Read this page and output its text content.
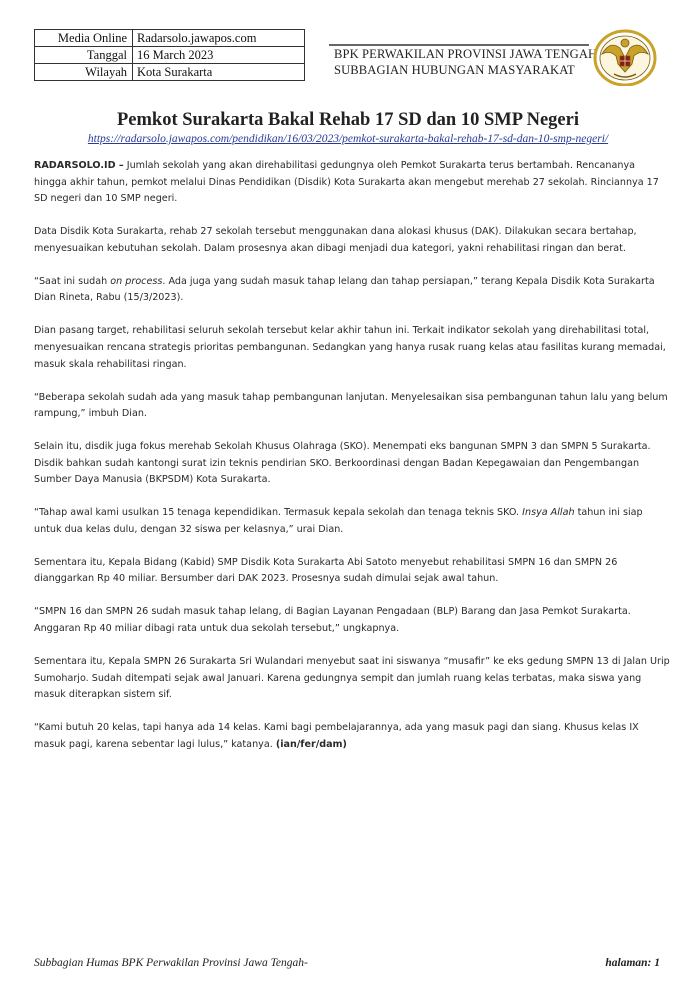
Media Online	Radarsolo.jawapos.com
Tanggal	16 March 2023
Wilayah	Kota Surakarta
BPK PERWAKILAN PROVINSI JAWA TENGAH
SUBBAGIAN HUBUNGAN MASYARAKAT
Pemkot Surakarta Bakal Rehab 17 SD dan 10 SMP Negeri
https://radarsolo.jawapos.com/pendidikan/16/03/2023/pemkot-surakarta-bakal-rehab-17-sd-dan-10-smp-negeri/

RADARSOLO.ID – Jumlah sekolah yang akan direhabilitasi gedungnya oleh Pemkot Surakarta terus bertambah. Rencananya hingga akhir tahun, pemkot melalui Dinas Pendidikan (Disdik) Kota Surakarta akan mengebut merehab 27 sekolah. Rinciannya 17 SD negeri dan 10 SMP negeri.

Data Disdik Kota Surakarta, rehab 27 sekolah tersebut menggunakan dana alokasi khusus (DAK). Dilakukan secara bertahap, menyesuaikan kebutuhan sekolah. Dalam prosesnya akan dibagi menjadi dua kategori, yakni rehabilitasi ringan dan berat.

“Saat ini sudah on process. Ada juga yang sudah masuk tahap lelang dan tahap persiapan,” terang Kepala Disdik Kota Surakarta Dian Rineta, Rabu (15/3/2023).

Dian pasang target, rehabilitasi seluruh sekolah tersebut kelar akhir tahun ini. Terkait indikator sekolah yang direhabilitasi total, menyesuaikan rencana strategis prioritas pembangunan. Sedangkan yang hanya rusak ruang kelas atau fasilitas kurang memadai, masuk skala rehabilitasi ringan.

“Beberapa sekolah sudah ada yang masuk tahap pembangunan lanjutan. Menyelesaikan sisa pembangunan tahun lalu yang belum rampung,” imbuh Dian.

Selain itu, disdik juga fokus merehab Sekolah Khusus Olahraga (SKO). Menempati eks bangunan SMPN 3 dan SMPN 5 Surakarta. Disdik bahkan sudah kantongi surat izin teknis pendirian SKO. Berkoordinasi dengan Badan Kepegawaian dan Pengembangan Sumber Daya Manusia (BKPSDM) Kota Surakarta.

“Tahap awal kami usulkan 15 tenaga kependidikan. Termasuk kepala sekolah dan tenaga teknis SKO. Insya Allah tahun ini siap untuk dua kelas dulu, dengan 32 siswa per kelasnya,” urai Dian.

Sementara itu, Kepala Bidang (Kabid) SMP Disdik Kota Surakarta Abi Satoto menyebut rehabilitasi SMPN 16 dan SMPN 26 dianggarkan Rp 40 miliar. Bersumber dari DAK 2023. Prosesnya sudah dimulai sejak awal tahun.

“SMPN 16 dan SMPN 26 sudah masuk tahap lelang, di Bagian Layanan Pengadaan (BLP) Barang dan Jasa Pemkot Surakarta. Anggaran Rp 40 miliar dibagi rata untuk dua sekolah tersebut,” ungkapnya.

Sementara itu, Kepala SMPN 26 Surakarta Sri Wulandari menyebut saat ini siswanya “musafir” ke eks gedung SMPN 13 di Jalan Urip Sumoharjo. Sudah ditempati sejak awal Januari. Karena gedungnya sempit dan jumlah ruang kelas terbatas, maka siswa yang masuk diterapkan sistem sif.

“Kami butuh 20 kelas, tapi hanya ada 14 kelas. Kami bagi pembelajarannya, ada yang masuk pagi dan siang. Khusus kelas IX masuk pagi, karena sebentar lagi lulus,” katanya. (ian/fer/dam)

Subbagian Humas BPK Perwakilan Provinsi Jawa Tengah-	halaman: 1
